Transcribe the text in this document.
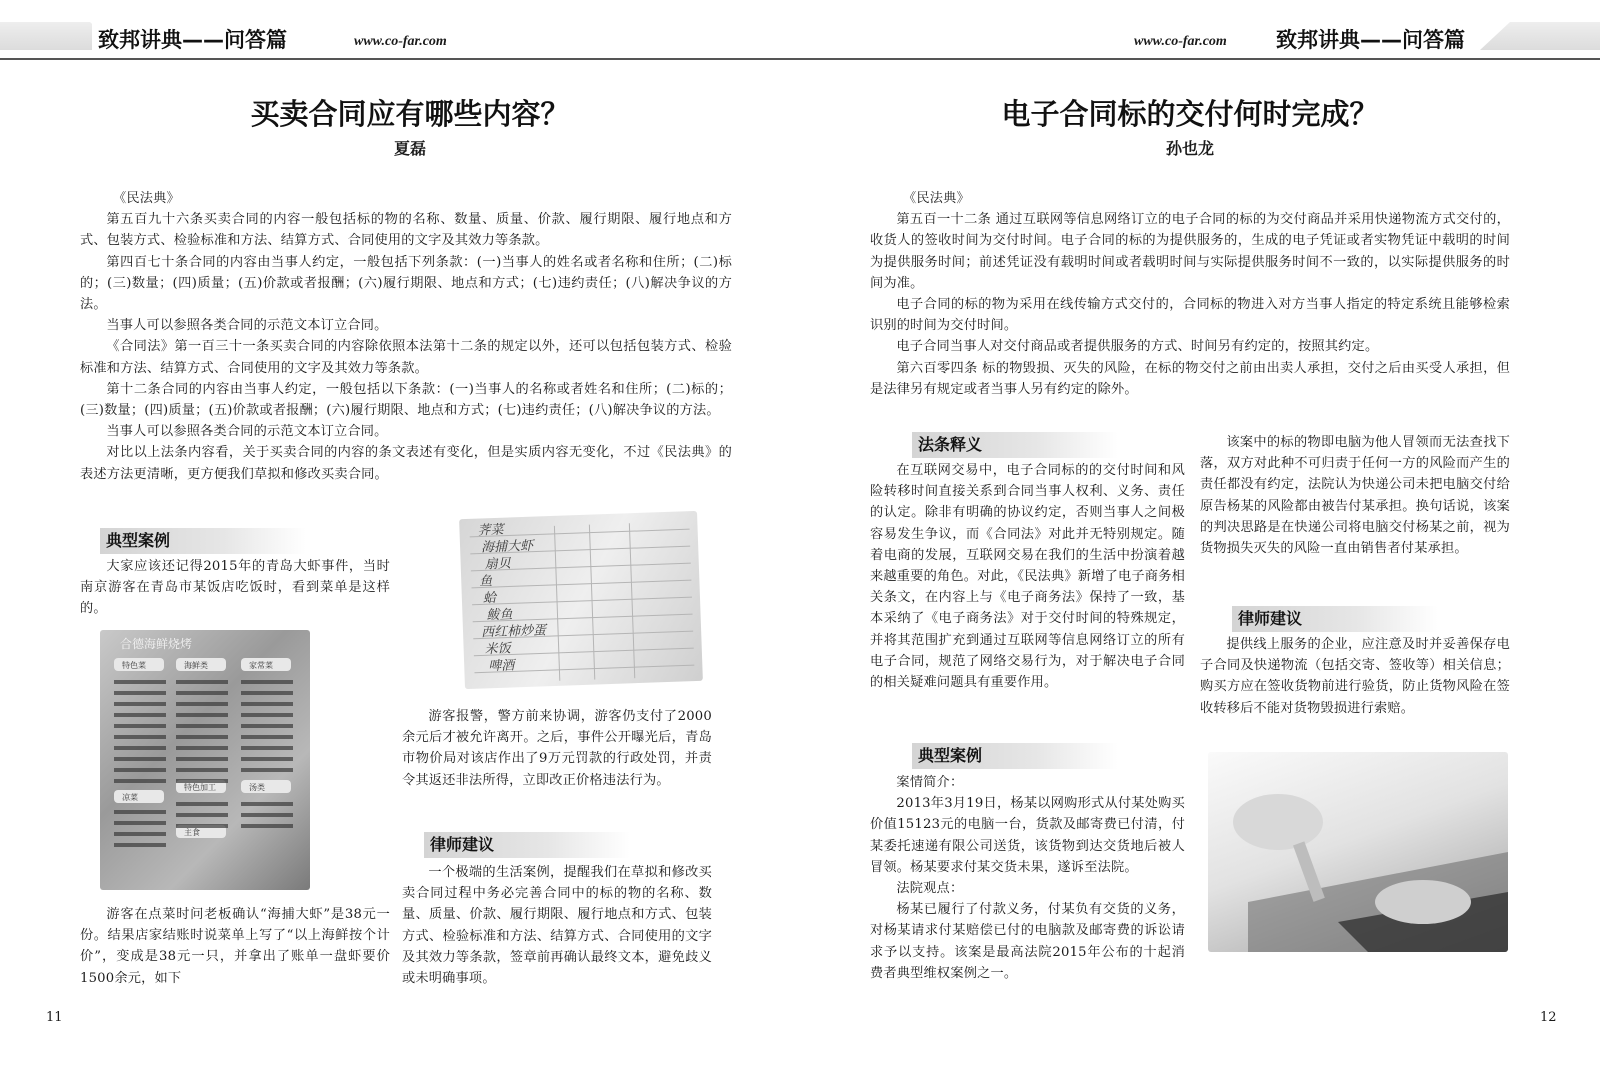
致邦讲典——问答篇	www.co-far.com	www.co-far.com 致邦讲典——问答篇
买卖合同应有哪些内容？
夏磊

《民法典》

第五百九十六条买卖合同的内容一般包括标的物的名称、数量、质量、价款、履行期限、履行地点和方式、包装方式、检验标准和方法、结算方式、合同使用的文字及其效力等条款。

第四百七十条合同的内容由当事人约定，一般包括下列条款：(一)当事人的姓名或者名称和住所；(二)标的；(三)数量；(四)质量；(五)价款或者报酬；(六)履行期限、地点和方式；(七)违约责任；(八)解决争议的方法。

当事人可以参照各类合同的示范文本订立合同。

《合同法》第一百三十一条买卖合同的内容除依照本法第十二条的规定以外，还可以包括包装方式、检验标准和方法、结算方式、合同使用的文字及其效力等条款。

第十二条合同的内容由当事人约定，一般包括以下条款：(一)当事人的名称或者姓名和住所；(二)标的；(三)数量；(四)质量；(五)价款或者报酬；(六)履行期限、地点和方式；(七)违约责任；(八)解决争议的方法。

当事人可以参照各类合同的示范文本订立合同。

对比以上法条内容看，关于买卖合同的内容的条文表述有变化，但是实质内容无变化，不过《民法典》的表述方法更清晰，更方便我们草拟和修改买卖合同。

典型案例

大家应该还记得2015年的青岛大虾事件，当时南京游客在青岛市某饭店吃饭时，看到菜单是这样的。

合德海鲜烧烤
特色菜	海鲜类	家常菜
凉菜
特色加工	汤类
主食
荠菜
海捕大虾
扇贝
鱼
蛤
鲅鱼
西红柿炒蛋
米饭
啤酒

游客报警，警方前来协调，游客仍支付了2000余元后才被允许离开。之后，事件公开曝光后，青岛市物价局对该店作出了9万元罚款的行政处罚，并责令其返还非法所得，立即改正价格违法行为。

律师建议

一个极端的生活案例，提醒我们在草拟和修改买卖合同过程中务必完善合同中的标的物的名称、数量、质量、价款、履行期限、履行地点和方式、包装方式、检验标准和方法、结算方式、合同使用的文字及其效力等条款，签章前再确认最终文本，避免歧义或未明确事项。

游客在点菜时问老板确认“海捕大虾”是38元一份。结果店家结账时说菜单上写了“以上海鲜按个计价”，变成是38元一只，并拿出了账单一盘虾要价1500余元，如下

11
电子合同标的交付何时完成？
孙也龙

《民法典》

第五百一十二条 通过互联网等信息网络订立的电子合同的标的为交付商品并采用快递物流方式交付的，收货人的签收时间为交付时间。电子合同的标的为提供服务的，生成的电子凭证或者实物凭证中载明的时间为提供服务时间；前述凭证没有载明时间或者载明时间与实际提供服务时间不一致的，以实际提供服务的时间为准。

电子合同的标的物为采用在线传输方式交付的，合同标的物进入对方当事人指定的特定系统且能够检索识别的时间为交付时间。

电子合同当事人对交付商品或者提供服务的方式、时间另有约定的，按照其约定。

第六百零四条 标的物毁损、灭失的风险，在标的物交付之前由出卖人承担，交付之后由买受人承担，但是法律另有规定或者当事人另有约定的除外。

法条释义

在互联网交易中，电子合同标的的交付时间和风险转移时间直接关系到合同当事人权利、义务、责任的认定。除非有明确的协议约定，否则当事人之间极容易发生争议，而《合同法》对此并无特别规定。随着电商的发展，互联网交易在我们的生活中扮演着越来越重要的角色。对此，《民法典》新增了电子商务相关条文，在内容上与《电子商务法》保持了一致，基本采纳了《电子商务法》对于交付时间的特殊规定，并将其范围扩充到通过互联网等信息网络订立的所有电子合同，规范了网络交易行为，对于解决电子合同的相关疑难问题具有重要作用。

典型案例

案情简介：

2013年3月19日，杨某以网购形式从付某处购买价值15123元的电脑一台，货款及邮寄费已付清，付某委托速递有限公司送货，该货物到达交货地后被人冒领。杨某要求付某交货未果，遂诉至法院。

法院观点：

杨某已履行了付款义务，付某负有交货的义务，对杨某请求付某赔偿已付的电脑款及邮寄费的诉讼请求予以支持。该案是最高法院2015年公布的十起消费者典型维权案例之一。

该案中的标的物即电脑为他人冒领而无法查找下落，双方对此种不可归责于任何一方的风险而产生的责任都没有约定，法院认为快递公司未把电脑交付给原告杨某的风险都由被告付某承担。换句话说，该案的判决思路是在快递公司将电脑交付杨某之前，视为货物损失灭失的风险一直由销售者付某承担。

律师建议

提供线上服务的企业，应注意及时并妥善保存电子合同及快递物流（包括交寄、签收等）相关信息；购买方应在签收货物前进行验货，防止货物风险在签收转移后不能对货物毁损进行索赔。

12
